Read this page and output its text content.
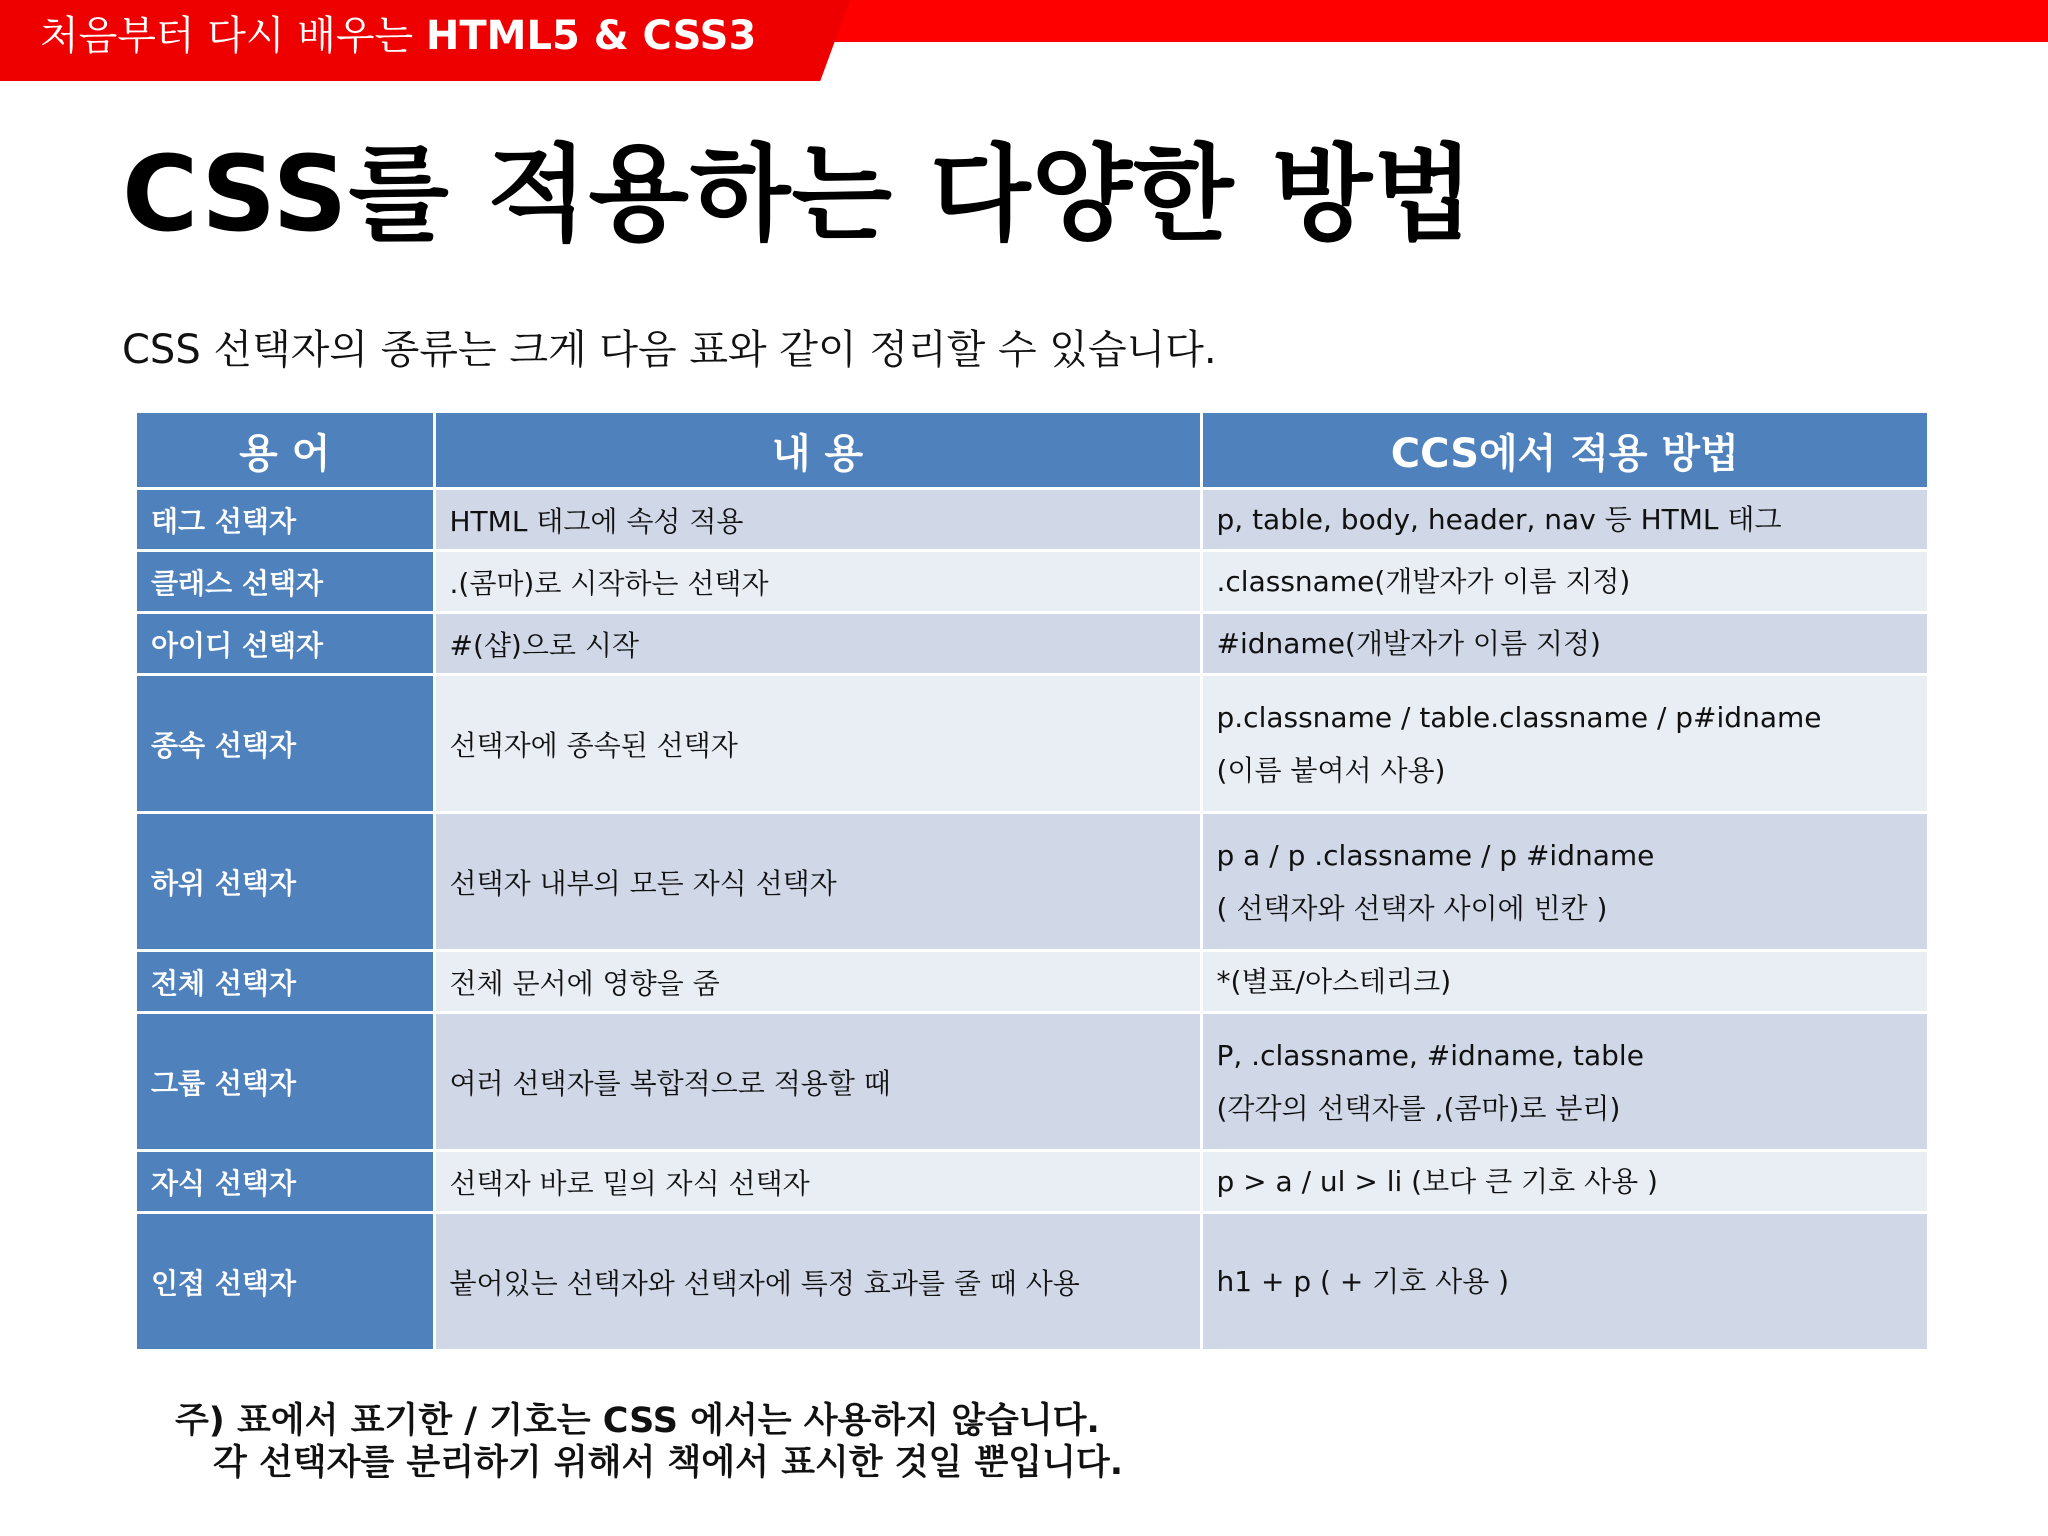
처음부터 다시 배우는 HTML5 & CSS3
CSS를 적용하는 다양한 방법
CSS 선택자의 종류는 크게 다음 표와 같이 정리할 수 있습니다.
용 어	내 용	CCS에서 적용 방법
태그 선택자	HTML 태그에 속성 적용	p, table, body, header, nav 등 HTML 태그

클래스 선택자	.(콤마)로 시작하는 선택자	.classname(개발자가 이름 지정)

아이디 선택자	#(샵)으로 시작	#idname(개발자가 이름 지정)

종속 선택자	선택자에 종속된 선택자	p.classname / table.classname / p#idname
(이름 붙여서 사용)

하위 선택자	선택자 내부의 모든 자식 선택자	p a / p .classname / p #idname
( 선택자와 선택자 사이에 빈칸 )

전체 선택자	전체 문서에 영향을 줌	*(별표/아스테리크)

그룹 선택자	여러 선택자를 복합적으로 적용할 때	P, .classname, #idname, table
(각각의 선택자를 ,(콤마)로 분리)

자식 선택자	선택자 바로 밑의 자식 선택자	p > a / ul > li (보다 큰 기호 사용 )

인접 선택자	붙어있는 선택자와 선택자에 특정 효과를 줄 때 사용	h1 + p ( + 기호 사용 )
주) 표에서 표기한 / 기호는 CSS 에서는 사용하지 않습니다.
각 선택자를 분리하기 위해서 책에서 표시한 것일 뿐입니다.
